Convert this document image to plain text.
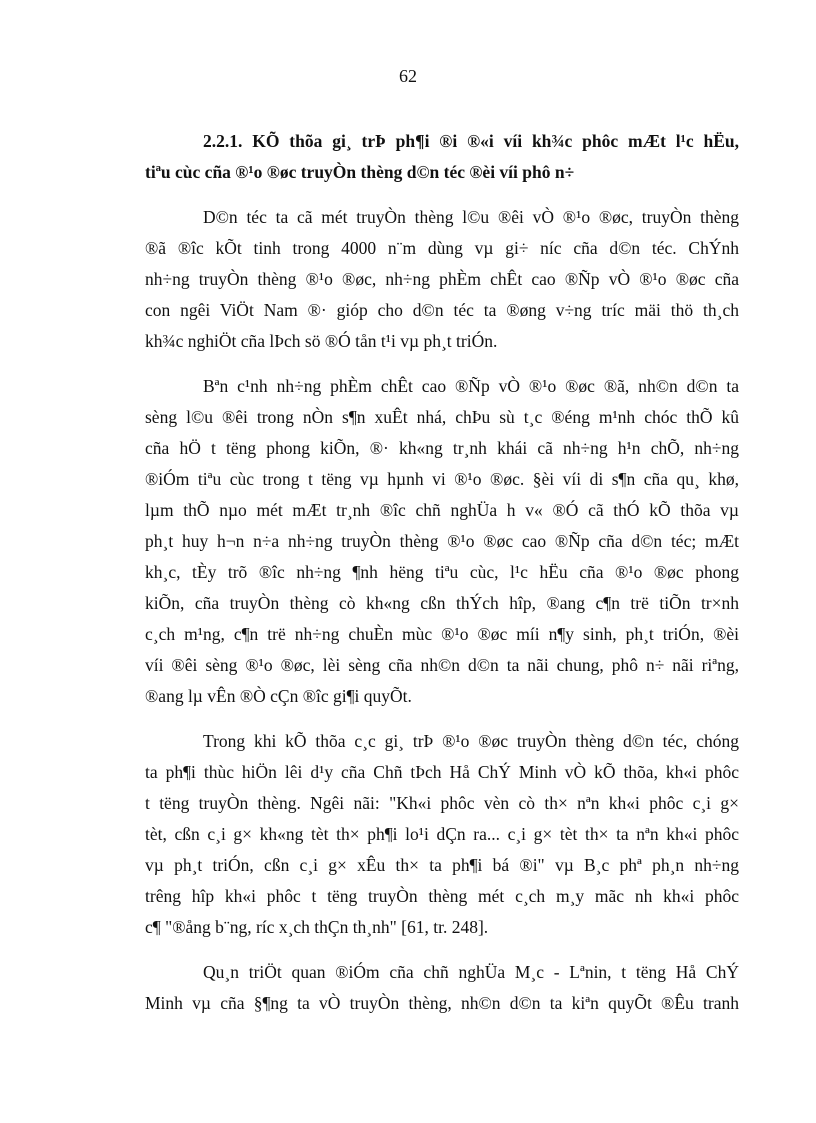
62
2.2.1. KÕ thõa gi¸ trÞ ph¶i ®i ®«i víi kh¾c phôc mÆt l¹c hËu,
tiªu cùc cña ®¹o ®øc truyÒn thèng d©n téc ®èi víi phô n÷
D©n téc ta cã mét truyÒn thèng l©u ®êi vÒ ®¹o ®øc, truyÒn thèng
®ã ®îc kÕt tinh trong 4000 n¨m dùng vµ gi÷ níc cña d©n téc. ChÝnh
nh÷ng truyÒn thèng ®¹o ®øc, nh÷ng phÈm chÊt cao ®Ñp vÒ ®¹o ®øc cña
con ngêi ViÖt Nam ®· gióp cho d©n téc ta ®øng v÷ng tríc mäi thö th¸ch
kh¾c nghiÖt cña lÞch sö ®Ó tån t¹i vµ ph¸t triÓn.
Bªn c¹nh nh÷ng phÈm chÊt cao ®Ñp vÒ ®¹o ®øc ®ã, nh©n d©n ta
sèng l©u ®êi trong nÒn s¶n xuÊt nhá, chÞu sù t¸c ®éng m¹nh chóc thÕ kû
cña hÖ t tëng phong kiÕn, ®· kh«ng tr¸nh khái cã nh÷ng h¹n chÕ, nh÷ng
®iÓm tiªu cùc trong t tëng vµ hµnh vi ®¹o ®øc. §èi víi di s¶n cña qu¸ khø,
lµm thÕ nµo mét mÆt tr¸nh ®îc chñ nghÜa h v« ®Ó cã thÓ kÕ thõa vµ
ph¸t huy h¬n n÷a nh÷ng truyÒn thèng ®¹o ®øc cao ®Ñp cña d©n téc; mÆt
kh¸c, tÈy trõ ®îc nh÷ng ¶nh hëng tiªu cùc, l¹c hËu cña ®¹o ®øc phong
kiÕn, cña truyÒn thèng cò kh«ng cßn thÝch hîp, ®ang c¶n trë tiÕn tr×nh
c¸ch m¹ng, c¶n trë nh÷ng chuÈn mùc ®¹o ®øc míi n¶y sinh, ph¸t triÓn, ®èi
víi ®êi sèng ®¹o ®øc, lèi sèng cña nh©n d©n ta nãi chung, phô n÷ nãi riªng,
®ang lµ vÊn ®Ò cÇn ®îc gi¶i quyÕt.
Trong khi kÕ thõa c¸c gi¸ trÞ ®¹o ®øc truyÒn thèng d©n téc, chóng
ta ph¶i thùc hiÖn lêi d¹y cña Chñ tÞch Hå ChÝ Minh vÒ kÕ thõa, kh«i phôc
t tëng truyÒn thèng. Ngêi nãi: "Kh«i phôc vèn cò th× nªn kh«i phôc c¸i g×
tèt, cßn c¸i g× kh«ng tèt th× ph¶i lo¹i dÇn ra... c¸i g× tèt th× ta nªn kh«i phôc
vµ ph¸t triÓn, cßn c¸i g× xÊu th× ta ph¶i bá ®i" vµ B¸c phª ph¸n nh÷ng
trêng hîp kh«i phôc t tëng truyÒn thèng mét c¸ch m¸y mãc nh kh«i phôc
c¶ "®ång b¨ng, ríc x¸ch thÇn th¸nh" [61, tr. 248].
Qu¸n triÖt quan ®iÓm cña chñ nghÜa M¸c - Lªnin, t tëng Hå ChÝ
Minh vµ cña §¶ng ta vÒ truyÒn thèng, nh©n d©n ta kiªn quyÕt ®Êu tranh
